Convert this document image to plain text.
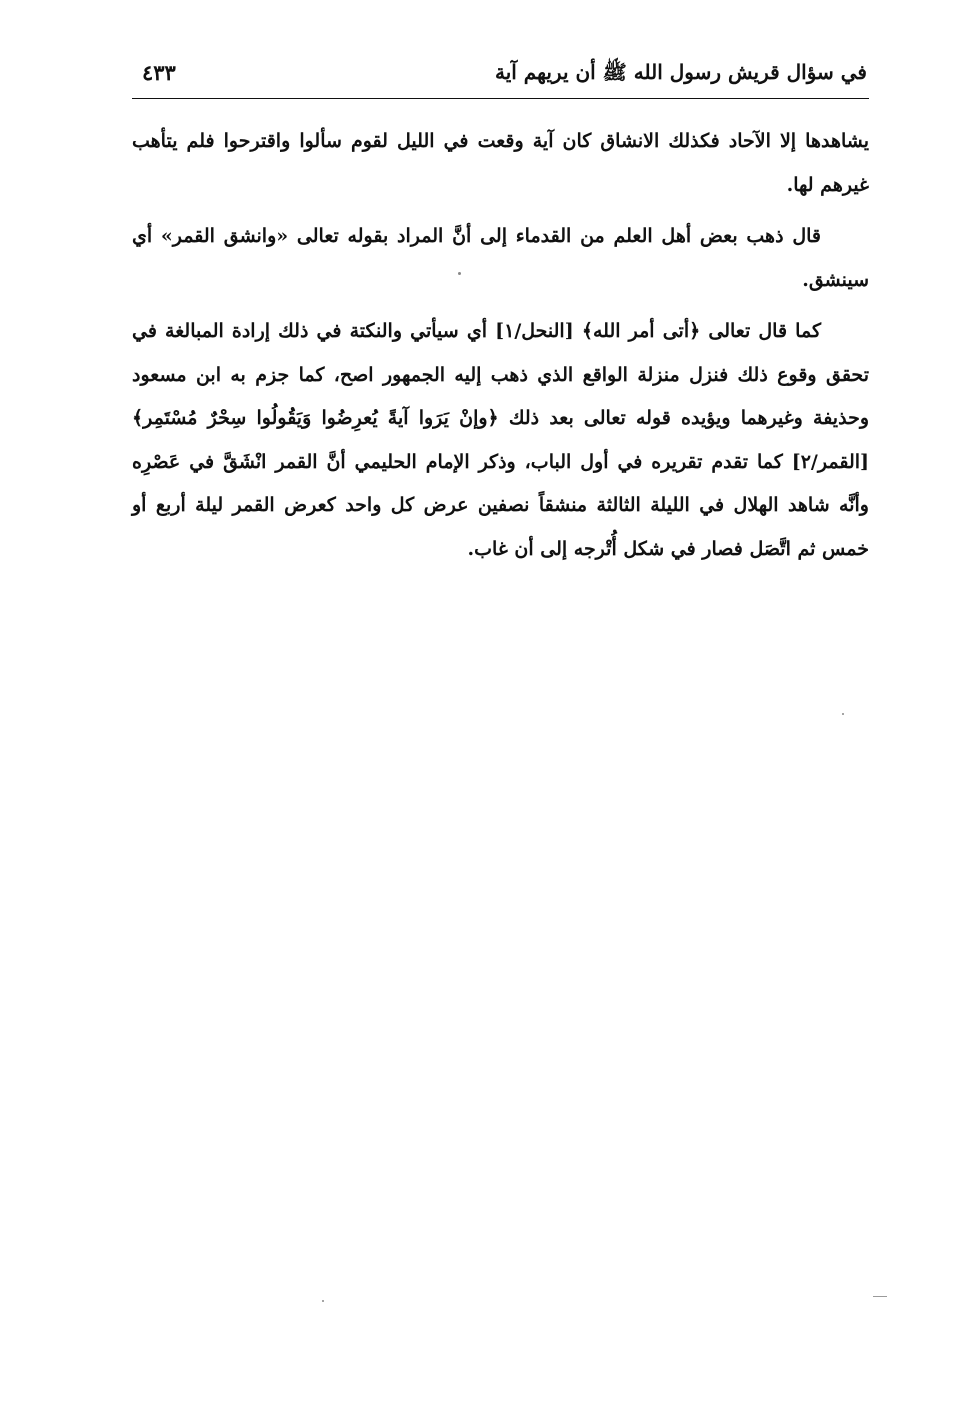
في سؤال قريش رسول الله ﷺ أن يريهم آية
٤٣٣

يشاهدها إلا الآحاد فكذلك الانشاق كان آية وقعت في الليل لقوم سألوا واقترحوا فلم يتأهب غيرهم لها.

قال ذهب بعض أهل العلم من القدماء إلى أنَّ المراد بقوله تعالى «وانشق القمر» أي سينشق.

كما قال تعالى ﴿أتى أمر الله﴾ [النحل/١] أي سيأتي والنكتة في ذلك إرادة المبالغة في تحقق وقوع ذلك فنزل منزلة الواقع الذي ذهب إليه الجمهور اصح، كما جزم به ابن مسعود وحذيفة وغيرهما ويؤيده قوله تعالى بعد ذلك ﴿وإنْ يَرَوا آيةً يُعرِضُوا وَيَقُولُوا سِحْرٌ مُسْتَمِر﴾ [القمر/٢] كما تقدم تقريره في أول الباب، وذكر الإمام الحليمي أنَّ القمر انْشَقَّ في عَصْرِه وأنَّه شاهد الهلال في الليلة الثالثة منشقاً نصفين عرض كل واحد كعرض القمر ليلة أربع أو خمس ثم اتَّصَل فصار في شكل أُتْرجه إلى أن غاب.
